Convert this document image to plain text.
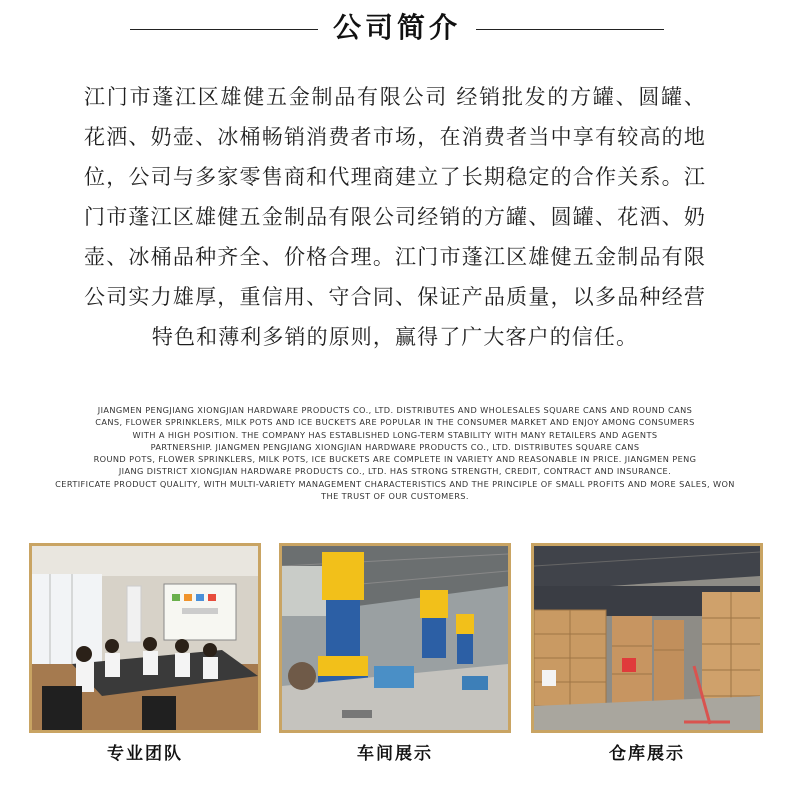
公司简介
江门市蓬江区雄健五金制品有限公司 经销批发的方罐、圆罐、花洒、奶壶、冰桶畅销消费者市场，在消费者当中享有较高的地位，公司与多家零售商和代理商建立了长期稳定的合作关系。江门市蓬江区雄健五金制品有限公司经销的方罐、圆罐、花洒、奶壶、冰桶品种齐全、价格合理。江门市蓬江区雄健五金制品有限公司实力雄厚，重信用、守合同、保证产品质量，以多品种经营特色和薄利多销的原则，赢得了广大客户的信任。
JIANGMEN PENGJIANG XIONGJIAN HARDWARE PRODUCTS CO., LTD. DISTRIBUTES AND WHOLESALES SQUARE CANS AND ROUND CANS
CANS, FLOWER SPRINKLERS, MILK POTS AND ICE BUCKETS ARE POPULAR IN THE CONSUMER MARKET AND ENJOY AMONG CONSUMERS
WITH A HIGH POSITION. THE COMPANY HAS ESTABLISHED LONG-TERM STABILITY WITH MANY RETAILERS AND AGENTS
PARTNERSHIP. JIANGMEN PENGJIANG XIONGJIAN HARDWARE PRODUCTS CO., LTD. DISTRIBUTES SQUARE CANS
ROUND POTS, FLOWER SPRINKLERS, MILK POTS, ICE BUCKETS ARE COMPLETE IN VARIETY AND REASONABLE IN PRICE. JIANGMEN PENG
JIANG DISTRICT XIONGJIAN HARDWARE PRODUCTS CO., LTD. HAS STRONG STRENGTH, CREDIT, CONTRACT AND INSURANCE.
CERTIFICATE PRODUCT QUALITY, WITH MULTI-VARIETY MANAGEMENT CHARACTERISTICS AND THE PRINCIPLE OF SMALL PROFITS AND MORE SALES, WON
THE TRUST OF OUR CUSTOMERS.
专业团队	车间展示	仓库展示
